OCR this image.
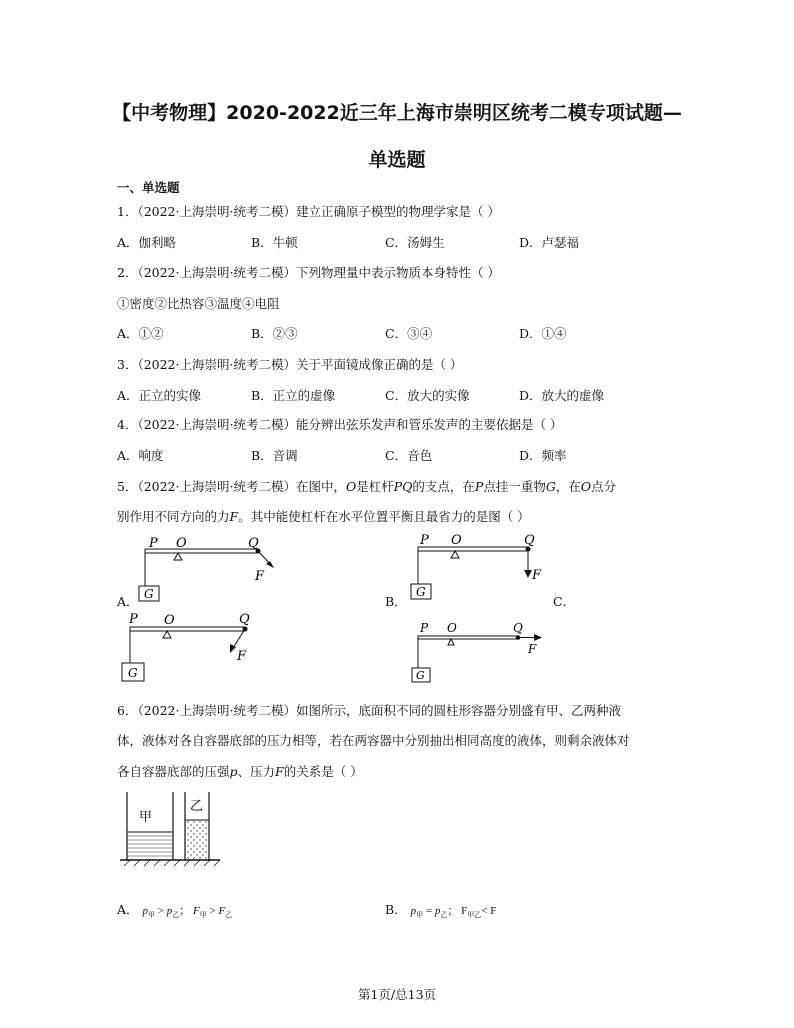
【中考物理】2020-2022近三年上海市崇明区统考二模专项试题—
单选题
一、单选题
1．（2022·上海崇明·统考二模）建立正确原子模型的物理学家是（ ）
A．伽利略	B．牛顿	C．汤姆生	D．卢瑟福
2．（2022·上海崇明·统考二模）下列物理量中表示物质本身特性（ ）
①密度②比热容③温度④电阻
A．①②	B．②③	C．③④	D．①④
3．（2022·上海崇明·统考二模）关于平面镜成像正确的是（ ）
A．正立的实像	B．正立的虚像	C．放大的实像	D．放大的虚像
4．（2022·上海崇明·统考二模）能分辨出弦乐发声和管乐发声的主要依据是（ ）
A．响度	B．音调	C．音色	D．频率
5．（2022·上海崇明·统考二模）在图中，O是杠杆PQ的支点，在P点挂一重物G，在O点分
别作用不同方向的力F。其中能使杠杆在水平位置平衡且最省力的是图（ ）
A．	B．	C．
P O	Q
F
G
P O	Q
F
G
P O	Q
F
G
P O	Q
F
G
6．（2022·上海崇明·统考二模）如图所示，底面积不同的圆柱形容器分别盛有甲、乙两种液
体，液体对各自容器底部的压力相等，若在两容器中分别抽出相同高度的液体，则剩余液体对
各自容器底部的压强p、压力F的关系是（ ）
甲
乙
A． $p_甲 > p_乙$； $F_甲 > F_乙$	B． $p_甲 = p_乙$； $F_{甲乙}< F$
第1页/总13页
